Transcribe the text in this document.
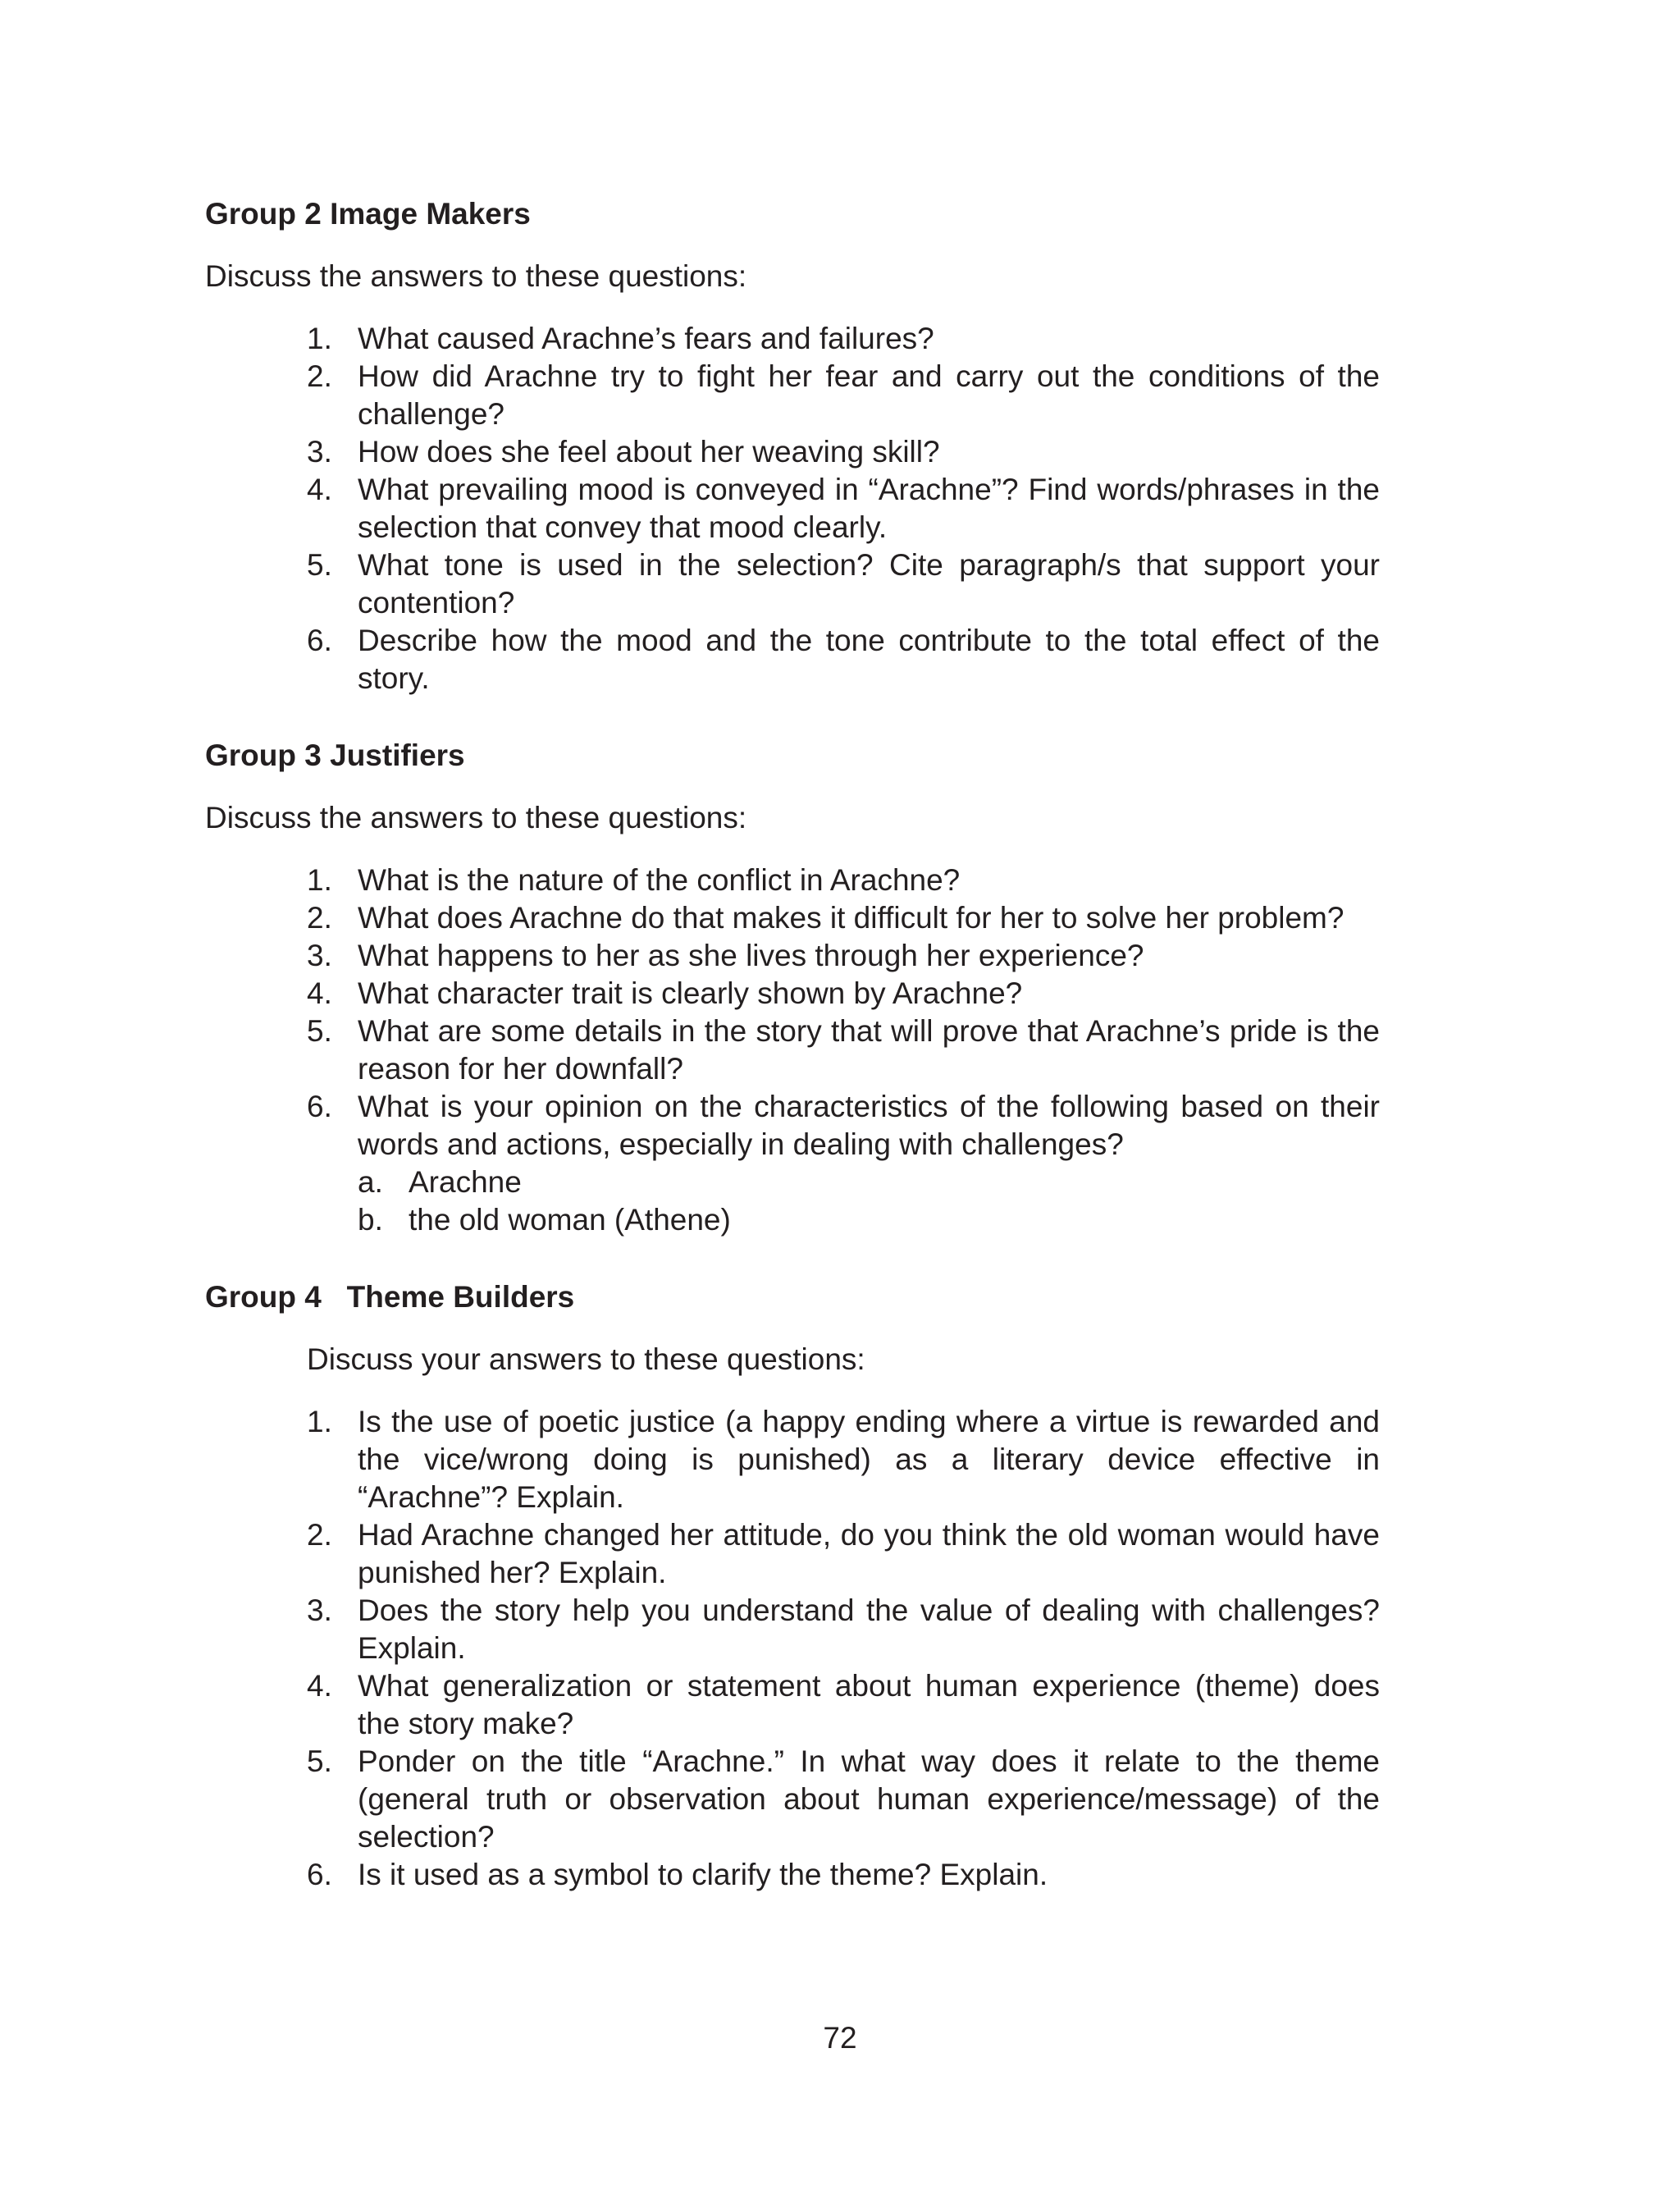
Group 2 Image Makers

Discuss the answers to these questions:

1. What caused Arachne’s fears and failures?
2. How did Arachne try to fight her fear and carry out the conditions of the challenge?
3. How does she feel about her weaving skill?
4. What prevailing mood is conveyed in “Arachne”? Find words/phrases in the selection that convey that mood clearly.
5. What tone is used in the selection? Cite paragraph/s that support your contention?
6. Describe how the mood and the tone contribute to the total effect of the story.
Group 3 Justifiers

Discuss the answers to these questions:

1. What is the nature of the conflict in Arachne?
2. What does Arachne do that makes it difficult for her to solve her problem?
3. What happens to her as she lives through her experience?
4. What character trait is clearly shown by Arachne?
5. What are some details in the story that will prove that Arachne’s pride is the reason for her downfall?
6. What is your opinion on the characteristics of the following based on their words and actions, especially in dealing with challenges?
a. Arachne
b. the old woman (Athene)
Group 4   Theme Builders

Discuss your answers to these questions:

1. Is the use of poetic justice (a happy ending where a virtue is rewarded and the vice/wrong doing is punished) as a literary device effective in “Arachne”? Explain.
2. Had Arachne changed her attitude, do you think the old woman would have punished her? Explain.
3. Does the story help you understand the value of dealing with challenges? Explain.
4. What generalization or statement about human experience (theme) does the story make?
5. Ponder on the title “Arachne.” In what way does it relate to the theme (general truth or observation about human experience/message) of the selection?
6. Is it used as a symbol to clarify the theme? Explain.
72
